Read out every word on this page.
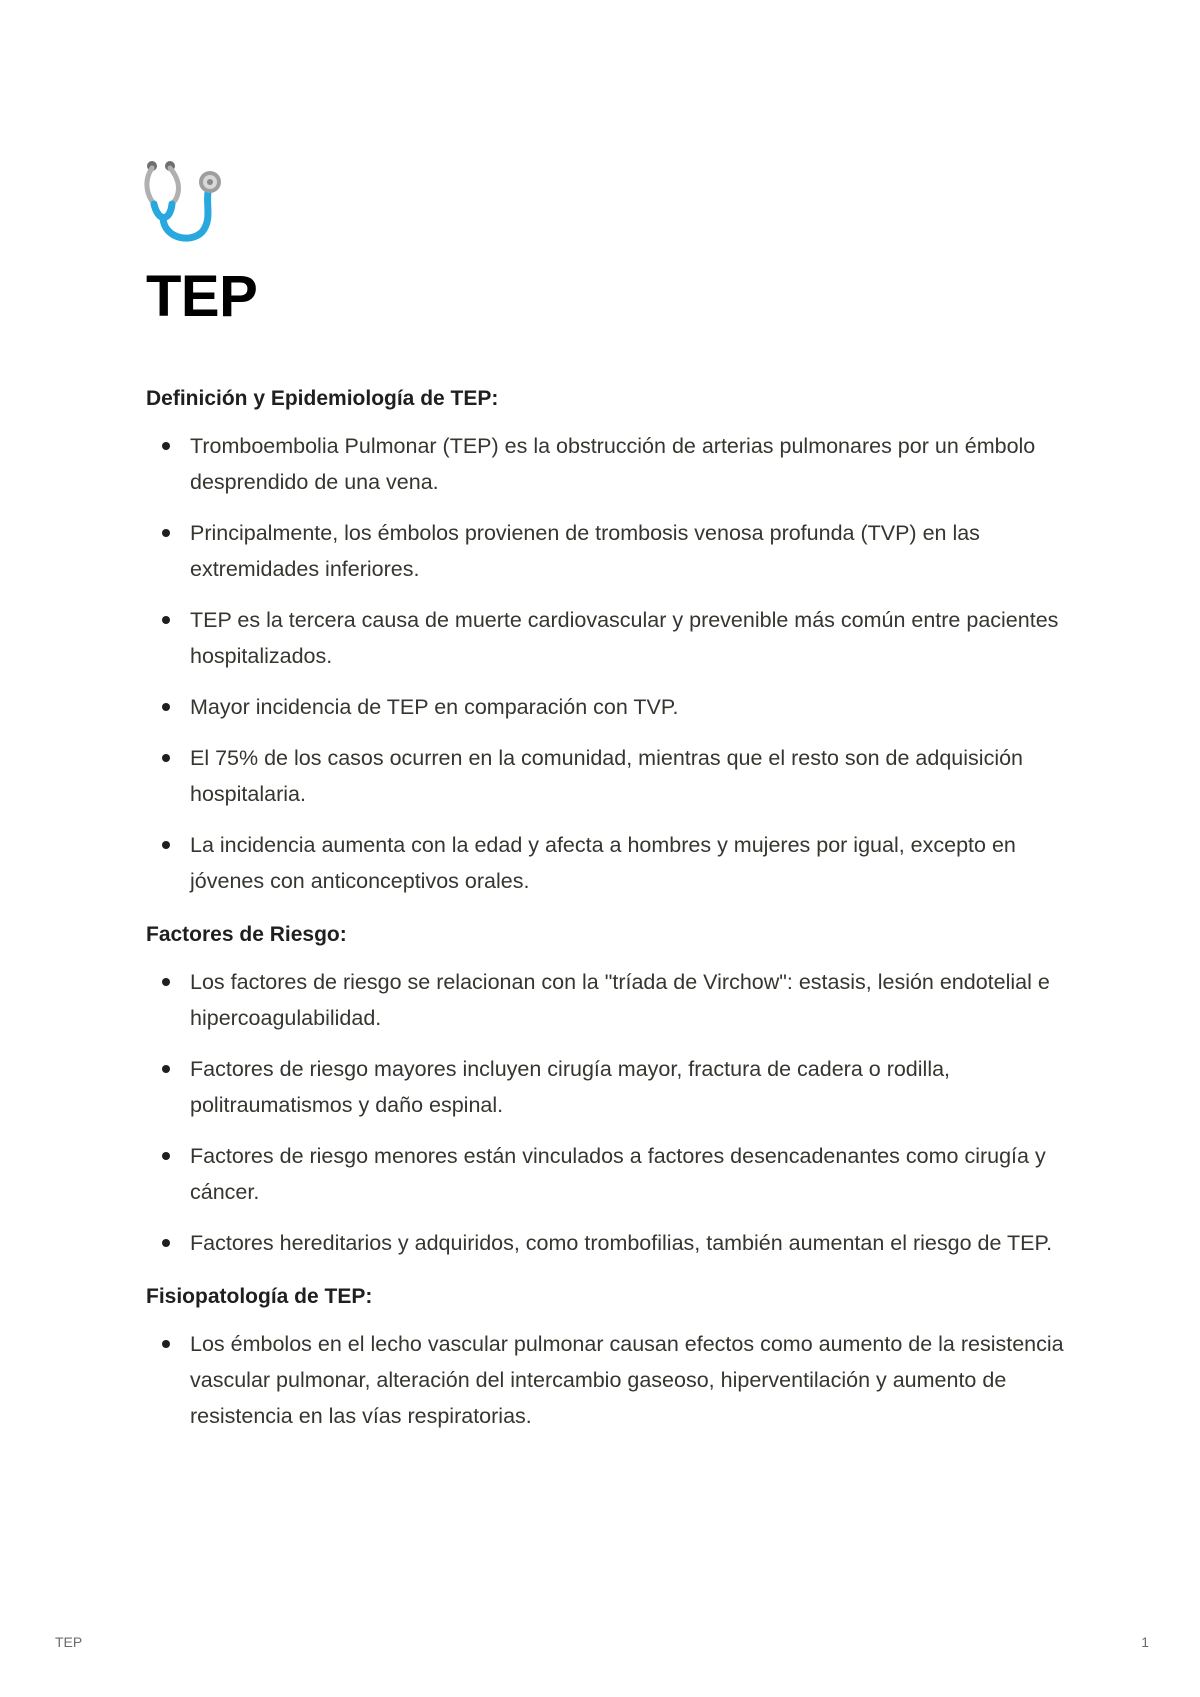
TEP
Definición y Epidemiología de TEP:
Tromboembolia Pulmonar (TEP) es la obstrucción de arterias pulmonares por un émbolo desprendido de una vena.
Principalmente, los émbolos provienen de trombosis venosa profunda (TVP) en las extremidades inferiores.
TEP es la tercera causa de muerte cardiovascular y prevenible más común entre pacientes hospitalizados.
Mayor incidencia de TEP en comparación con TVP.
El 75% de los casos ocurren en la comunidad, mientras que el resto son de adquisición hospitalaria.
La incidencia aumenta con la edad y afecta a hombres y mujeres por igual, excepto en jóvenes con anticonceptivos orales.
Factores de Riesgo:
Los factores de riesgo se relacionan con la "tríada de Virchow": estasis, lesión endotelial e hipercoagulabilidad.
Factores de riesgo mayores incluyen cirugía mayor, fractura de cadera o rodilla, politraumatismos y daño espinal.
Factores de riesgo menores están vinculados a factores desencadenantes como cirugía y cáncer.
Factores hereditarios y adquiridos, como trombofilias, también aumentan el riesgo de TEP.
Fisiopatología de TEP:
Los émbolos en el lecho vascular pulmonar causan efectos como aumento de la resistencia vascular pulmonar, alteración del intercambio gaseoso, hiperventilación y aumento de resistencia en las vías respiratorias.
TEP	1
